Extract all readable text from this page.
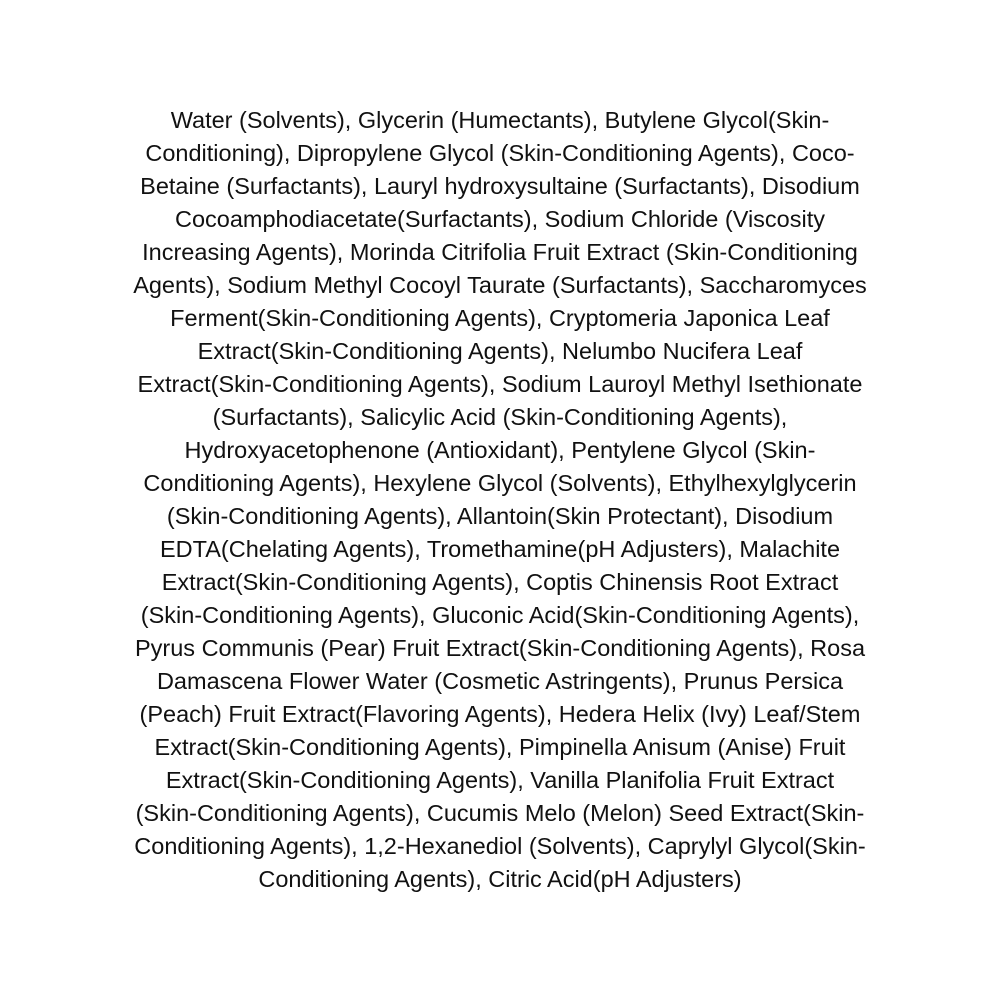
Water (Solvents), Glycerin (Humectants), Butylene Glycol(Skin-
Conditioning), Dipropylene Glycol (Skin-Conditioning Agents), Coco-
Betaine (Surfactants), Lauryl hydroxysultaine (Surfactants), Disodium
Cocoamphodiacetate(Surfactants), Sodium Chloride (Viscosity
Increasing Agents), Morinda Citrifolia Fruit Extract (Skin-Conditioning
Agents), Sodium Methyl Cocoyl Taurate (Surfactants), Saccharomyces
Ferment(Skin-Conditioning Agents), Cryptomeria Japonica Leaf
Extract(Skin-Conditioning Agents), Nelumbo Nucifera Leaf
Extract(Skin-Conditioning Agents), Sodium Lauroyl Methyl Isethionate
(Surfactants), Salicylic Acid (Skin-Conditioning Agents),
Hydroxyacetophenone (Antioxidant), Pentylene Glycol (Skin-
Conditioning Agents), Hexylene Glycol (Solvents), Ethylhexylglycerin
(Skin-Conditioning Agents), Allantoin(Skin Protectant), Disodium
EDTA(Chelating Agents), Tromethamine(pH Adjusters), Malachite
Extract(Skin-Conditioning Agents), Coptis Chinensis Root Extract
(Skin-Conditioning Agents), Gluconic Acid(Skin-Conditioning Agents),
Pyrus Communis (Pear) Fruit Extract(Skin-Conditioning Agents), Rosa
Damascena Flower Water (Cosmetic Astringents), Prunus Persica
(Peach) Fruit Extract(Flavoring Agents), Hedera Helix (Ivy) Leaf/Stem
Extract(Skin-Conditioning Agents), Pimpinella Anisum (Anise) Fruit
Extract(Skin-Conditioning Agents), Vanilla Planifolia Fruit Extract
(Skin-Conditioning Agents), Cucumis Melo (Melon) Seed Extract(Skin-
Conditioning Agents), 1,2-Hexanediol (Solvents), Caprylyl Glycol(Skin-
Conditioning Agents), Citric Acid(pH Adjusters)
